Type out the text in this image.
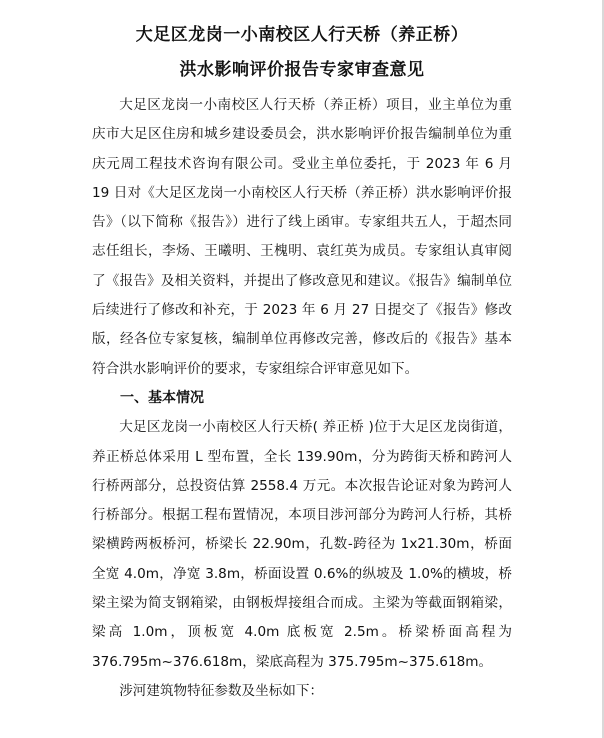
大足区龙岗一小南校区人行天桥（养正桥）
洪水影响评价报告专家审查意见

大足区龙岗一小南校区人行天桥（养正桥）项目，业主单位为重庆市大足区住房和城乡建设委员会，洪水影响评价报告编制单位为重庆元周工程技术咨询有限公司。受业主单位委托，于 2023 年 6 月 19 日对《大足区龙岗一小南校区人行天桥（养正桥）洪水影响评价报告》（以下简称《报告》）进行了线上函审。专家组共五人，于超杰同志任组长，李炀、王曦明、王槐明、袁红英为成员。专家组认真审阅了《报告》及相关资料，并提出了修改意见和建议。《报告》编制单位后续进行了修改和补充，于 2023 年 6 月 27 日提交了《报告》修改版，经各位专家复核，编制单位再修改完善，修改后的《报告》基本符合洪水影响评价的要求，专家组综合评审意见如下。

一、基本情况

大足区龙岗一小南校区人行天桥( 养正桥 )位于大足区龙岗街道，养正桥总体采用 L 型布置，全长 139.90m，分为跨街天桥和跨河人行桥两部分，总投资估算 2558.4 万元。本次报告论证对象为跨河人行桥部分。根据工程布置情况，本项目涉河部分为跨河人行桥，其桥梁横跨两板桥河，桥梁长 22.90m，孔数-跨径为 1x21.30m，桥面全宽 4.0m，净宽 3.8m，桥面设置 0.6%的纵坡及 1.0%的横坡，桥梁主梁为简支钢箱梁，由钢板焊接组合而成。主梁为等截面钢箱梁，梁高 1.0m，顶板宽 4.0m 底板宽 2.5m。桥梁桥面高程为 376.795m~376.618m，梁底高程为 375.795m~375.618m。

涉河建筑物特征参数及坐标如下：
